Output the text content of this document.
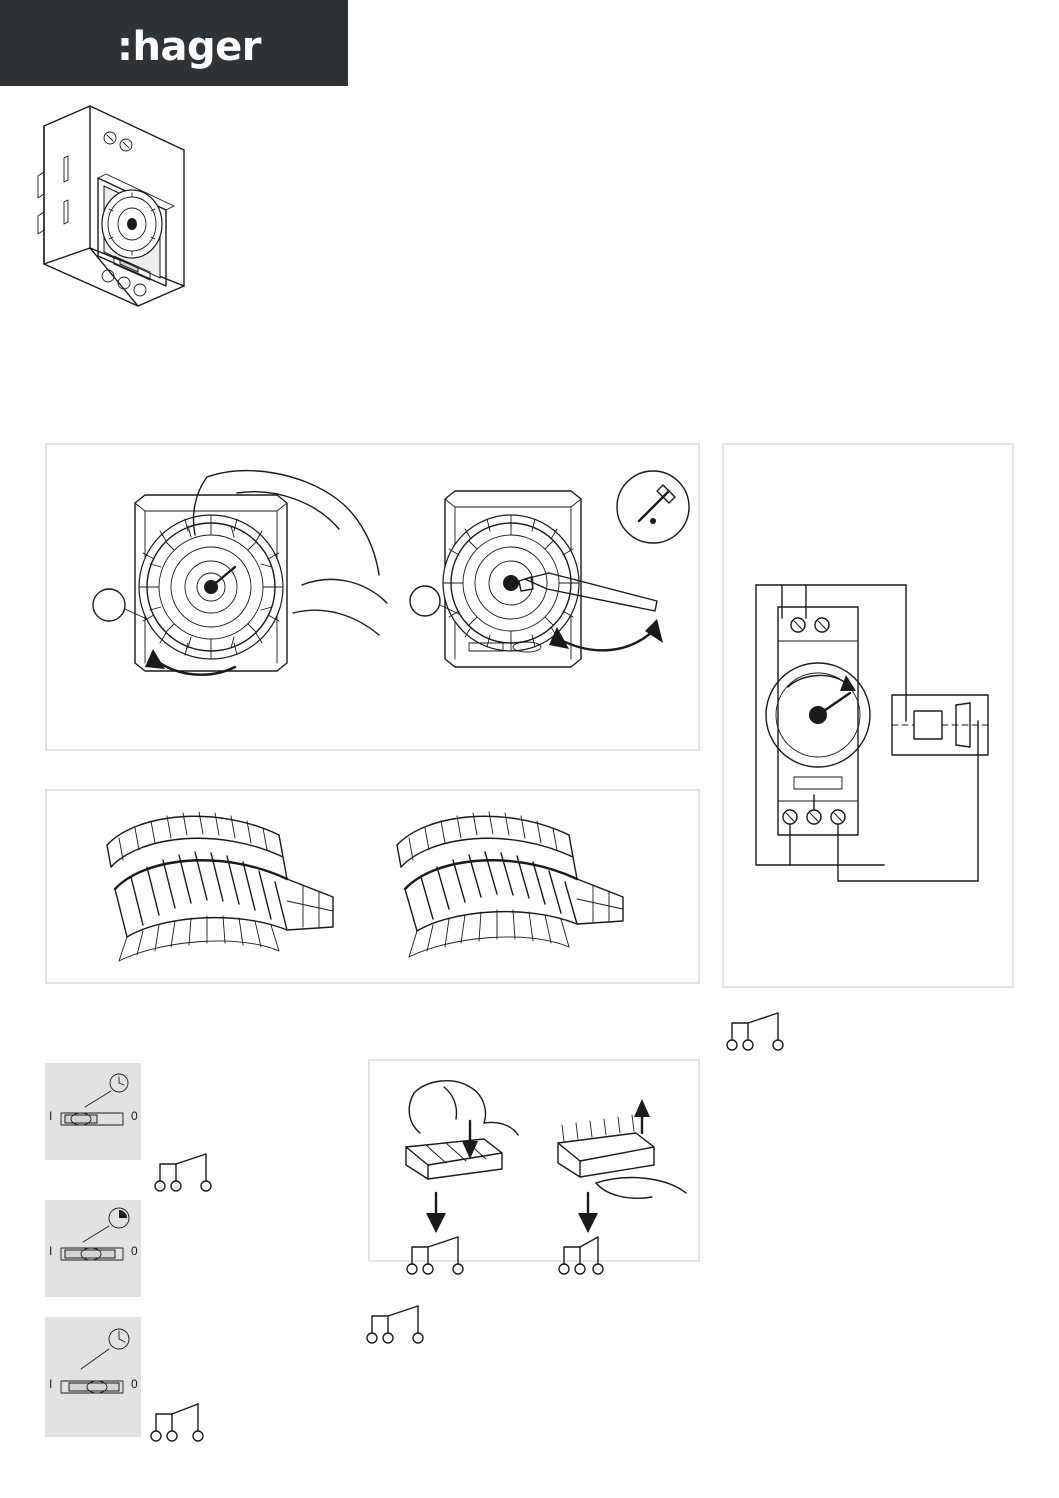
:hager
I	0
I	0
I	0
